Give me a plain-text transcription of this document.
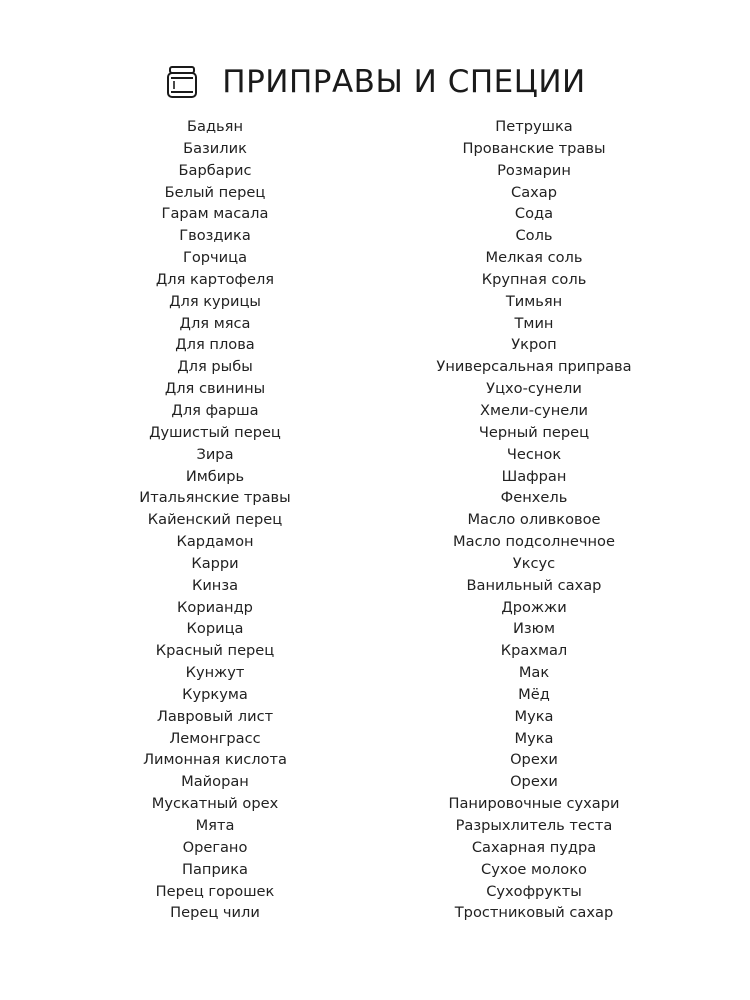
ПРИПРАВЫ И СПЕЦИИ
Бадьян
Базилик
Барбарис
Белый перец
Гарам масала
Гвоздика
Горчица
Для картофеля
Для курицы
Для мяса
Для плова
Для рыбы
Для свинины
Для фарша
Душистый перец
Зира
Имбирь
Итальянские травы
Кайенский перец
Кардамон
Карри
Кинза
Кориандр
Корица
Красный перец
Кунжут
Куркума
Лавровый лист
Лемонграсс
Лимонная кислота
Майоран
Мускатный орех
Мята
Орегано
Паприка
Перец горошек
Перец чили
Петрушка
Прованские травы
Розмарин
Сахар
Сода
Соль
Мелкая соль
Крупная соль
Тимьян
Тмин
Укроп
Универсальная приправа
Уцхо-сунели
Хмели-сунели
Черный перец
Чеснок
Шафран
Фенхель
Масло оливковое
Масло подсолнечное
Уксус
Ванильный сахар
Дрожжи
Изюм
Крахмал
Мак
Мёд
Мука
Мука
Орехи
Орехи
Панировочные сухари
Разрыхлитель теста
Сахарная пудра
Сухое молоко
Сухофрукты
Тростниковый сахар
